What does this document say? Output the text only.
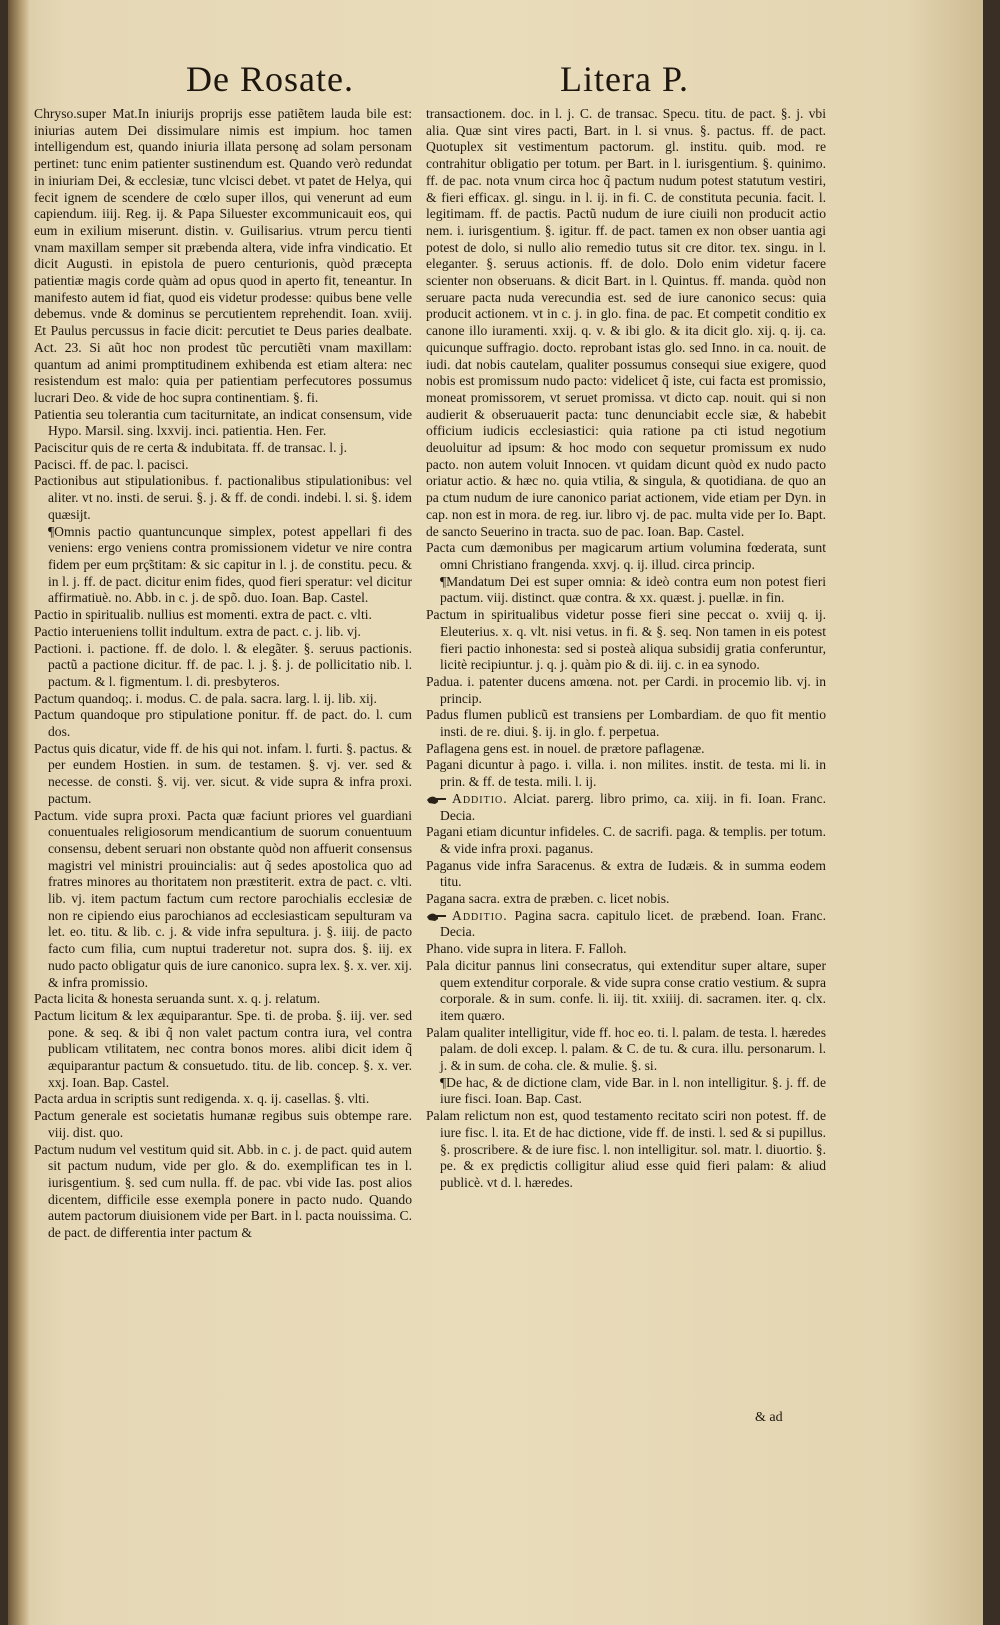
De Rosate.	Litera P.
Chryso.super Mat.In iniurijs proprijs esse patiẽtem lauda bile est: iniurias autem Dei dissimulare nimis est impium. hoc tamen intelligendum est, quando iniuria illata personę ad solam personam pertinet: tunc enim patienter sustinendum est. Quando verò redundat in iniuriam Dei, & ecclesiæ, tunc vlcisci debet. vt patet de Helya, qui fecit ignem de scendere de cœlo super illos, qui venerunt ad eum capiendum. iiij. Reg. ij. & Papa Siluester excommunicauit eos, qui eum in exilium miserunt. distin. v. Guilisarius. vtrum percu tienti vnam maxillam semper sit præbenda altera, vide infra vindicatio. Et dicit Augusti. in epistola de puero centurionis, quòd præcepta patientiæ magis corde quàm ad opus quod in aperto fit, teneantur. In manifesto autem id fiat, quod eis videtur prodesse: quibus bene velle debemus. vnde & dominus se percutientem reprehendit. Ioan. xviij. Et Paulus percussus in facie dicit: percutiet te Deus paries dealbate. Act. 23. Si aũt hoc non prodest tũc percutiẽti vnam maxillam: quantum ad animi promptitudinem exhibenda est etiam altera: nec resistendum est malo: quia per patientiam perfecutores possumus lucrari Deo. & vide de hoc supra continentiam. §. fi.
Patientia seu tolerantia cum taciturnitate, an indicat consensum, vide Hypo. Marsil. sing. lxxvij. inci. patientia. Hen. Fer.
Paciscitur quis de re certa & indubitata. ff. de transac. l. j.
Pacisci. ff. de pac. l. pacisci.
Pactionibus aut stipulationibus. f. pactionalibus stipulationibus: vel aliter. vt no. insti. de serui. §. j. & ff. de condi. indebi. l. si. §. idem quæsijt.
¶Omnis pactio quantuncunque simplex, potest appellari fi des veniens: ergo veniens contra promissionem videtur ve nire contra fidem per eum prç̃stitam: & sic capitur in l. j. de constitu. pecu. & in l. j. ff. de pact. dicitur enim fides, quod fieri speratur: vel dicitur affirmatiuè. no. Abb. in c. j. de spõ. duo. Ioan. Bap. Castel.
Pactio in spiritualib. nullius est momenti. extra de pact. c. vlti.
Pactio interueniens tollit indultum. extra de pact. c. j. lib. vj.
Pactioni. i. pactione. ff. de dolo. l. & elegãter. §. seruus pactionis. pactũ a pactione dicitur. ff. de pac. l. j. §. j. de pollicitatio nib. l. pactum. & l. figmentum. l. di. presbyteros.
Pactum quandoq;. i. modus. C. de pala. sacra. larg. l. ij. lib. xij.
Pactum quandoque pro stipulatione ponitur. ff. de pact. do. l. cum dos.
Pactus quis dicatur, vide ff. de his qui not. infam. l. furti. §. pactus. & per eundem Hostien. in sum. de testamen. §. vj. ver. sed & necesse. de consti. §. vij. ver. sicut. & vide supra & infra proxi. pactum.
Pactum. vide supra proxi. Pacta quæ faciunt priores vel guardiani conuentuales religiosorum mendicantium de suorum conuentuum consensu, debent seruari non obstante quòd non affuerit consensus magistri vel ministri prouincialis: aut q̃ sedes apostolica quo ad fratres minores au thoritatem non præstiterit. extra de pact. c. vlti. lib. vj. item pactum factum cum rectore parochialis ecclesiæ de non re cipiendo eius parochianos ad ecclesiasticam sepulturam va let. eo. titu. & lib. c. j. & vide infra sepultura. j. §. iiij. de pacto facto cum filia, cum nuptui traderetur not. supra dos. §. iij. ex nudo pacto obligatur quis de iure canonico. supra lex. §. x. ver. xij. & infra promissio.
Pacta licita & honesta seruanda sunt. x. q. j. relatum.
Pactum licitum & lex æquiparantur. Spe. ti. de proba. §. iij. ver. sed pone. & seq. & ibi q̃ non valet pactum contra iura, vel contra publicam vtilitatem, nec contra bonos mores. alibi dicit idem q̃ æquiparantur pactum & consuetudo. titu. de lib. concep. §. x. ver. xxj. Ioan. Bap. Castel.
Pacta ardua in scriptis sunt redigenda. x. q. ij. casellas. §. vlti.
Pactum generale est societatis humanæ regibus suis obtempe rare. viij. dist. quo.
Pactum nudum vel vestitum quid sit. Abb. in c. j. de pact. quid autem sit pactum nudum, vide per glo. & do. exemplifican tes in l. iurisgentium. §. sed cum nulla. ff. de pac. vbi vide Ias. post alios dicentem, difficile esse exempla ponere in pacto nudo. Quando autem pactorum diuisionem vide per Bart. in l. pacta nouissima. C. de pact. de differentia inter pactum &
transactionem. doc. in l. j. C. de transac. Specu. titu. de pact. §. j. vbi alia. Quæ sint vires pacti, Bart. in l. si vnus. §. pactus. ff. de pact. Quotuplex sit vestimentum pactorum. gl. institu. quib. mod. re contrahitur obligatio per totum. per Bart. in l. iurisgentium. §. quinimo. ff. de pac. nota vnum circa hoc q̃ pactum nudum potest statutum vestiri, & fieri efficax. gl. singu. in l. ij. in fi. C. de constituta pecunia. facit. l. legitimam. ff. de pactis. Pactũ nudum de iure ciuili non producit actio nem. i. iurisgentium. §. igitur. ff. de pact. tamen ex non obser uantia agi potest de dolo, si nullo alio remedio tutus sit cre ditor. tex. singu. in l. eleganter. §. seruus actionis. ff. de dolo. Dolo enim videtur facere scienter non obseruans. & dicit Bart. in l. Quintus. ff. manda. quòd non seruare pacta nuda verecundia est. sed de iure canonico secus: quia producit actionem. vt in c. j. in glo. fina. de pac. Et competit conditio ex canone illo iuramenti. xxij. q. v. & ibi glo. & ita dicit glo. xij. q. ij. ca. quicunque suffragio. docto. reprobant istas glo. sed Inno. in ca. nouit. de iudi. dat nobis cautelam, qualiter possumus consequi siue exigere, quod nobis est promissum nudo pacto: videlicet q̃ iste, cui facta est promissio, moneat promissorem, vt seruet promissa. vt dicto cap. nouit. qui si non audierit & obseruauerit pacta: tunc denunciabit eccle siæ, & habebit officium iudicis ecclesiastici: quia ratione pa cti istud negotium deuoluitur ad ipsum: & hoc modo con sequetur promissum ex nudo pacto. non autem voluit Innocen. vt quidam dicunt quòd ex nudo pacto oriatur actio. & hæc no. quia vtilia, & singula, & quotidiana. de quo an pa ctum nudum de iure canonico pariat actionem, vide etiam per Dyn. in cap. non est in mora. de reg. iur. libro vj. de pac. multa vide per Io. Bapt. de sancto Seuerino in tracta. suo de pac. Ioan. Bap. Castel.
Pacta cum dæmonibus per magicarum artium volumina fœderata, sunt omni Christiano frangenda. xxvj. q. ij. illud. circa princip.
¶Mandatum Dei est super omnia: & ideò contra eum non potest fieri pactum. viij. distinct. quæ contra. & xx. quæst. j. puellæ. in fin.
Pactum in spiritualibus videtur posse fieri sine peccat o. xviij q. ij. Eleuterius. x. q. vlt. nisi vetus. in fi. & §. seq. Non tamen in eis potest fieri pactio inhonesta: sed si posteà aliqua subsidij gratia conferuntur, licitè recipiuntur. j. q. j. quàm pio & di. iij. c. in ea synodo.
Padua. i. patenter ducens amœna. not. per Cardi. in procemio lib. vj. in princip.
Padus flumen publicũ est transiens per Lombardiam. de quo fit mentio insti. de re. diui. §. ij. in glo. f. perpetua.
Paflagena gens est. in nouel. de prætore paflagenæ.
Pagani dicuntur à pago. i. villa. i. non milites. instit. de testa. mi li. in prin. & ff. de testa. mili. l. ij.
Additio. Alciat. parerg. libro primo, ca. xiij. in fi. Ioan. Franc. Decia.
Pagani etiam dicuntur infideles. C. de sacrifi. paga. & templis. per totum. & vide infra proxi. paganus.
Paganus vide infra Saracenus. & extra de Iudæis. & in summa eodem titu.
Pagana sacra. extra de præben. c. licet nobis.
Additio. Pagina sacra. capitulo licet. de præbend. Ioan. Franc. Decia.
Phano. vide supra in litera. F. Falloh.
Pala dicitur pannus lini consecratus, qui extenditur super altare, super quem extenditur corporale. & vide supra conse cratio vestium. & supra corporale. & in sum. confe. li. iij. tit. xxiiij. di. sacramen. iter. q. clx. item quæro.
Palam qualiter intelligitur, vide ff. hoc eo. ti. l. palam. de testa. l. hæredes palam. de doli excep. l. palam. & C. de tu. & cura. illu. personarum. l. j. & in sum. de coha. cle. & mulie. §. si.
¶De hac, & de dictione clam, vide Bar. in l. non intelligitur. §. j. ff. de iure fisci. Ioan. Bap. Cast.
Palam relictum non est, quod testamento recitato sciri non potest. ff. de iure fisc. l. ita. Et de hac dictione, vide ff. de insti. l. sed & si pupillus. §. proscribere. & de iure fisc. l. non intelligitur. sol. matr. l. diuortio. §. pe. & ex prędictis colligitur aliud esse quid fieri palam: & aliud publicè. vt d. l. hæredes.
& ad
